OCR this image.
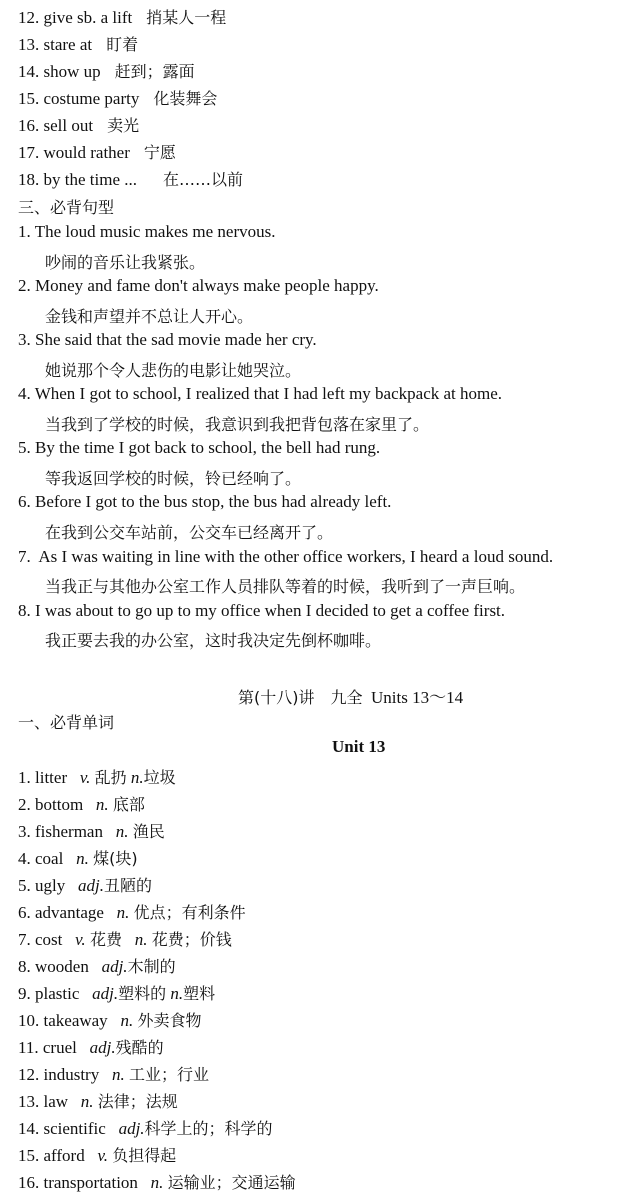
12. give sb. a lift 捎某人一程
13. stare at 盯着
14. show up 赶到；露面
15. costume party 化装舞会
16. sell out 卖光
17. would rather 宁愿
18. by the time ... 在……以前
三、必背句型
1. The loud music makes me nervous.
吵闹的音乐让我紧张。
2. Money and fame don't always make people happy.
金钱和声望并不总让人开心。
3. She said that the sad movie made her cry.
她说那个令人悲伤的电影让她哭泣。
4. When I got to school, I realized that I had left my backpack at home.
当我到了学校的时候，我意识到我把背包落在家里了。
5. By the time I got back to school, the bell had rung.
等我返回学校的时候，铃已经响了。
6. Before I got to the bus stop, the bus had already left.
在我到公交车站前，公交车已经离开了。
7. As I was waiting in line with the other office workers, I heard a loud sound.
当我正与其他办公室工作人员排队等着的时候，我听到了一声巨响。
8. I was about to go up to my office when I decided to get a coffee first.
我正要去我的办公室，这时我决定先倒杯咖啡。
第(十八)讲　九全 Units 13～14
一、必背单词
Unit 13
1. litter v. 乱扔 n.垃圾
2. bottom n. 底部
3. fisherman n. 渔民
4. coal n. 煤(块)
5. ugly adj.丑陋的
6. advantage n. 优点；有利条件
7. cost v. 花费 n. 花费；价钱
8. wooden adj.木制的
9. plastic adj.塑料的 n.塑料
10. takeaway n. 外卖食物
11. cruel adj.残酷的
12. industry n. 工业；行业
13. law n. 法律；法规
14. scientific adj.科学上的；科学的
15. afford v. 负担得起
16. transportation n. 运输业；交通运输
